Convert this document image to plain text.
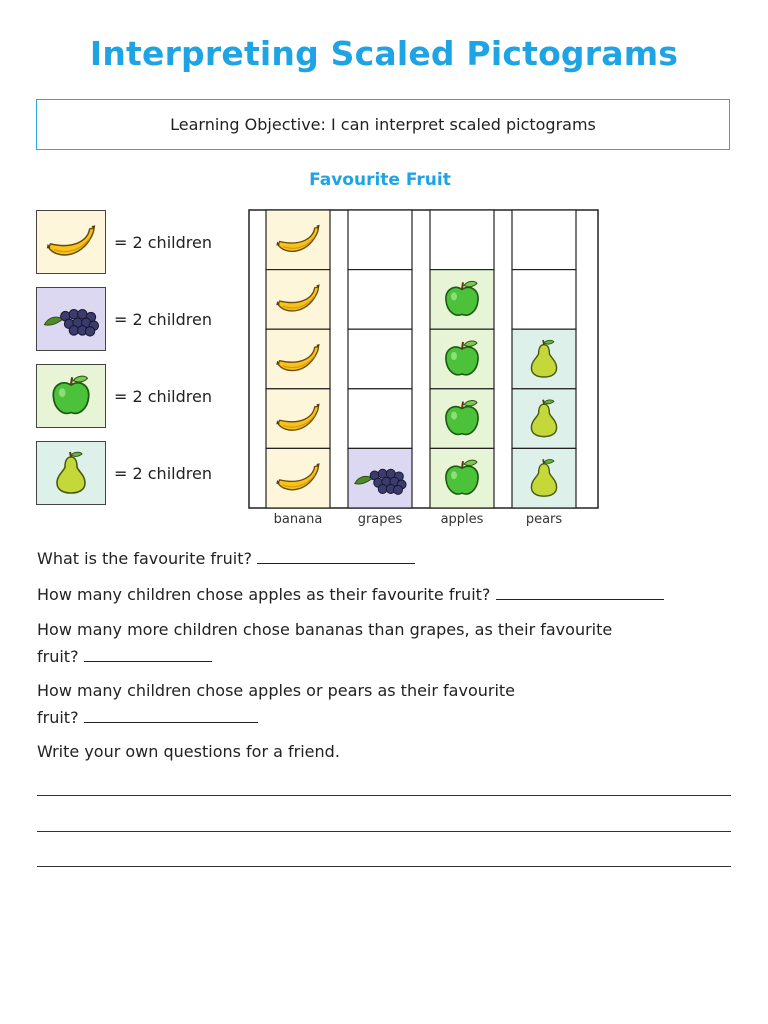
Interpreting Scaled Pictograms
Learning Objective: I can interpret scaled pictograms
Favourite Fruit
= 2 children
= 2 children
= 2 children
= 2 children
banana	grapes	apples	pears
What is the favourite fruit?
How many children chose apples as their favourite fruit?
How many more children chose bananas than grapes, as their favourite
fruit?
How many children chose apples or pears as their favourite
fruit?
Write your own questions for a friend.
